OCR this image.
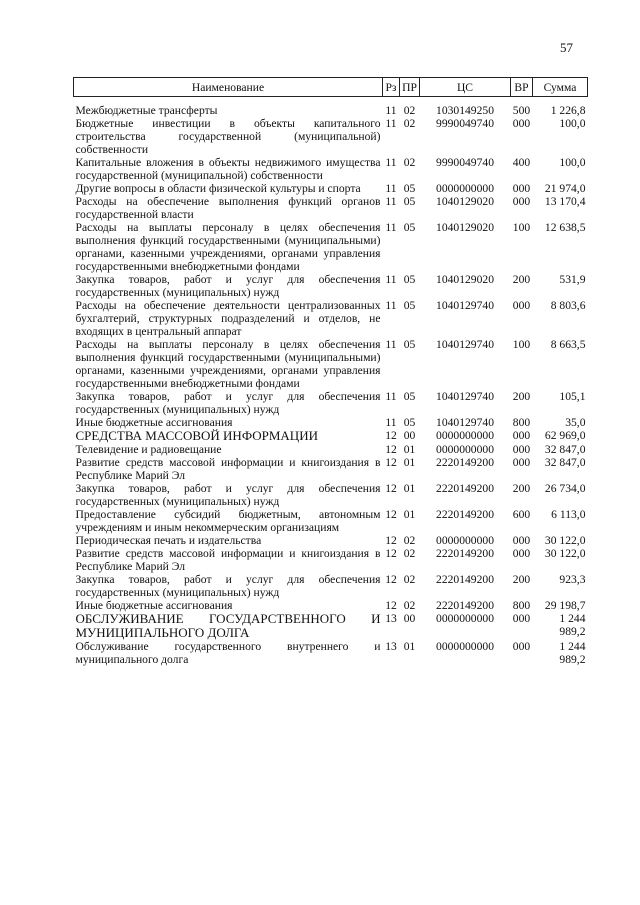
57
Наименование	Рз	ПР	ЦС	ВР	Сумма
Межбюджетные трансферты	11	02	1030149250	500	1 226,8
Бюджетные инвестиции в объекты капитального строительства государственной (муниципальной) собственности	11	02	9990049740	000	100,0
Капитальные вложения в объекты недвижимого имущества государственной (муниципальной) собственности	11	02	9990049740	400	100,0
Другие вопросы в области физической культуры и спорта	11	05	0000000000	000	21 974,0
Расходы на обеспечение выполнения функций органов государственной власти	11	05	1040129020	000	13 170,4
Расходы на выплаты персоналу в целях обеспечения выполнения функций государственными (муниципальными) органами, казенными учреждениями, органами управления государственными внебюджетными фондами	11	05	1040129020	100	12 638,5
Закупка товаров, работ и услуг для обеспечения государственных (муниципальных) нужд	11	05	1040129020	200	531,9
Расходы на обеспечение деятельности централизованных бухгалтерий, структурных подразделений и отделов, не входящих в центральный аппарат	11	05	1040129740	000	8 803,6
Расходы на выплаты персоналу в целях обеспечения выполнения функций государственными (муниципальными) органами, казенными учреждениями, органами управления государственными внебюджетными фондами	11	05	1040129740	100	8 663,5
Закупка товаров, работ и услуг для обеспечения государственных (муниципальных) нужд	11	05	1040129740	200	105,1
Иные бюджетные ассигнования	11	05	1040129740	800	35,0
СРЕДСТВА МАССОВОЙ ИНФОРМАЦИИ	12	00	0000000000	000	62 969,0
Телевидение и радиовещание	12	01	0000000000	000	32 847,0
Развитие средств массовой информации и книгоиздания в Республике Марий Эл	12	01	2220149200	000	32 847,0
Закупка товаров, работ и услуг для обеспечения государственных (муниципальных) нужд	12	01	2220149200	200	26 734,0
Предоставление субсидий бюджетным, автономным учреждениям и иным некоммерческим организациям	12	01	2220149200	600	6 113,0
Периодическая печать и издательства	12	02	0000000000	000	30 122,0
Развитие средств массовой информации и книгоиздания в Республике Марий Эл	12	02	2220149200	000	30 122,0
Закупка товаров, работ и услуг для обеспечения государственных (муниципальных) нужд	12	02	2220149200	200	923,3
Иные бюджетные ассигнования	12	02	2220149200	800	29 198,7
ОБСЛУЖИВАНИЕ ГОСУДАРСТВЕННОГО И МУНИЦИПАЛЬНОГО ДОЛГА	13	00	0000000000	000	1 244 989,2
Обслуживание государственного внутреннего и муниципального долга	13	01	0000000000	000	1 244 989,2
